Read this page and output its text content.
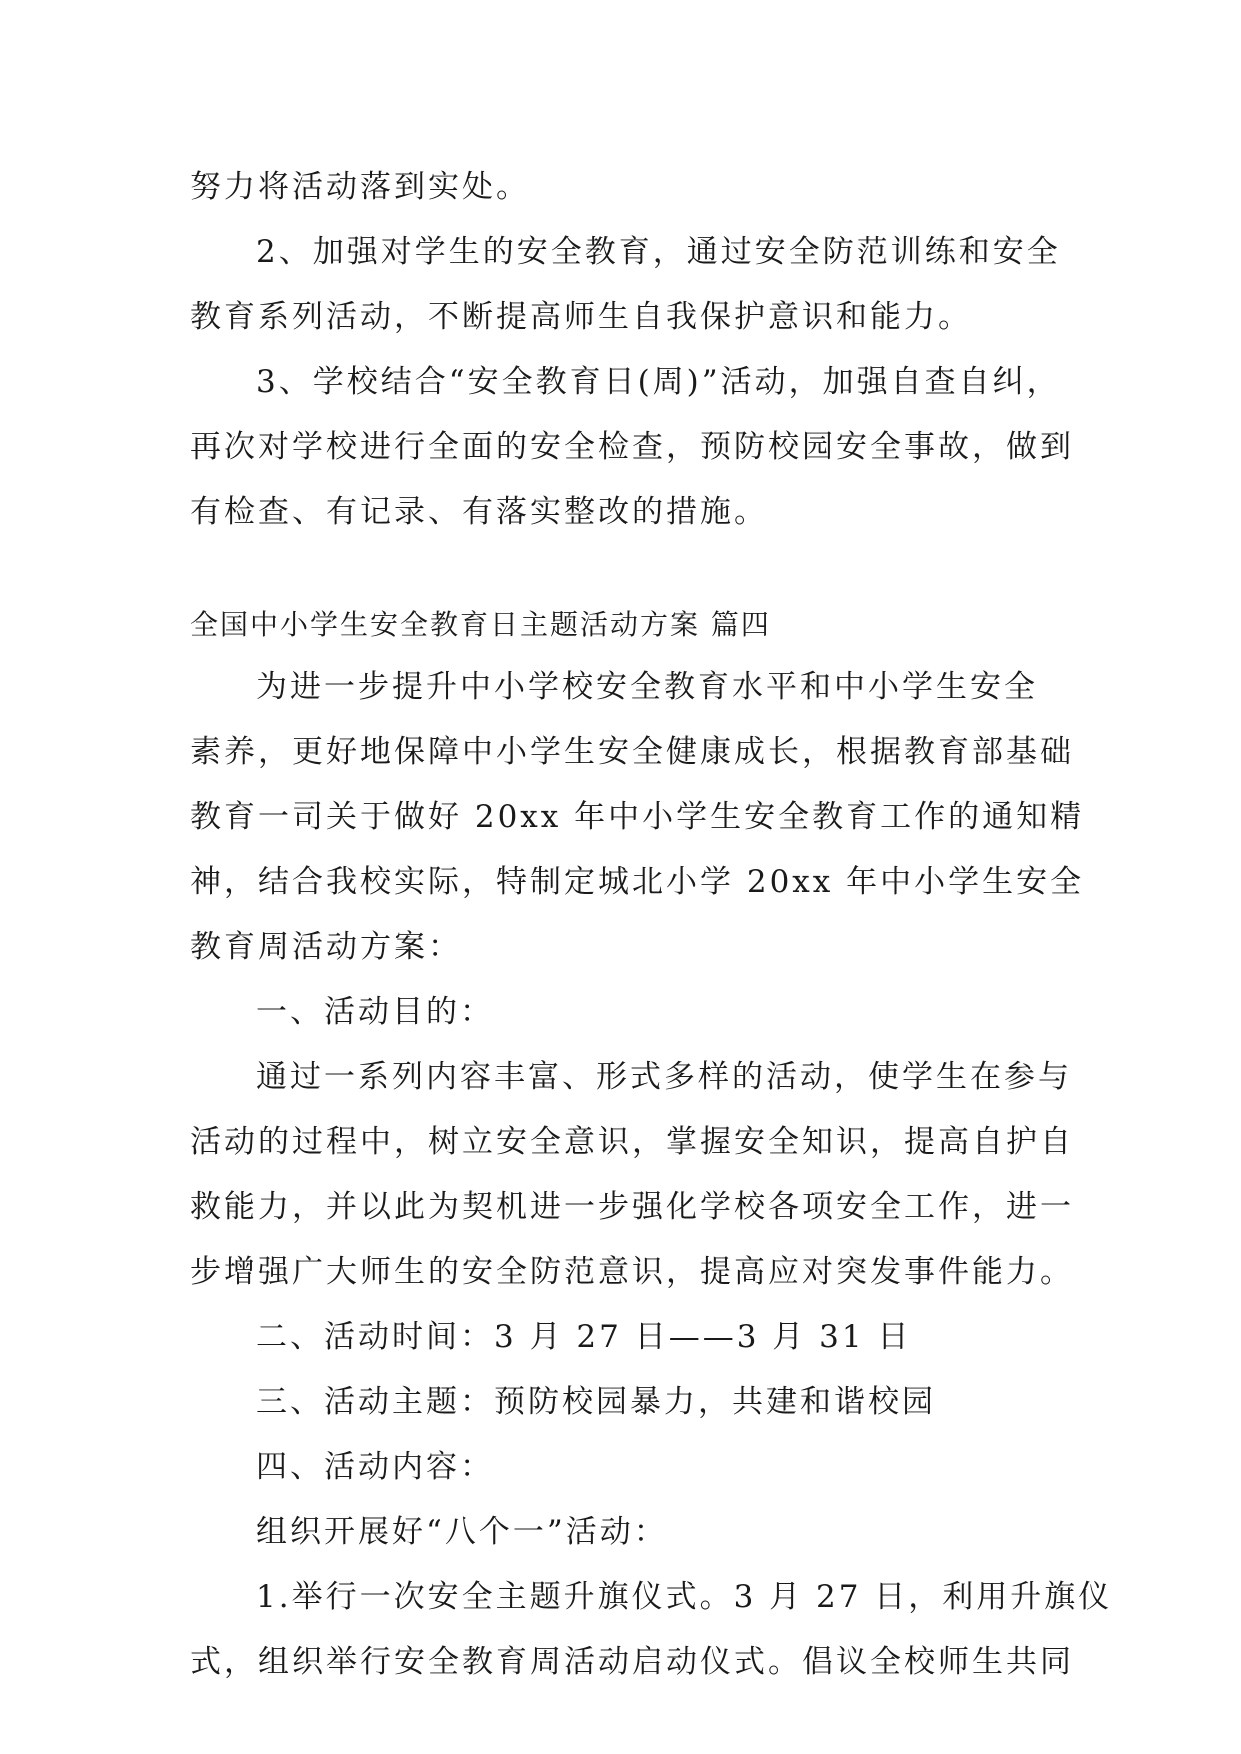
努力将活动落到实处。

2、加强对学生的安全教育，通过安全防范训练和安全

教育系列活动，不断提高师生自我保护意识和能力。

3、学校结合“安全教育日(周)”活动，加强自查自纠，

再次对学校进行全面的安全检查，预防校园安全事故，做到

有检查、有记录、有落实整改的措施。

全国中小学生安全教育日主题活动方案 篇四

为进一步提升中小学校安全教育水平和中小学生安全

素养，更好地保障中小学生安全健康成长，根据教育部基础

教育一司关于做好 20xx 年中小学生安全教育工作的通知精

神，结合我校实际，特制定城北小学 20xx 年中小学生安全

教育周活动方案：

一、活动目的：

通过一系列内容丰富、形式多样的活动，使学生在参与

活动的过程中，树立安全意识，掌握安全知识，提高自护自

救能力，并以此为契机进一步强化学校各项安全工作，进一

步增强广大师生的安全防范意识，提高应对突发事件能力。

二、活动时间：3 月 27 日——3 月 31 日

三、活动主题：预防校园暴力，共建和谐校园

四、活动内容：

组织开展好“八个一”活动：

1.举行一次安全主题升旗仪式。3 月 27 日，利用升旗仪

式，组织举行安全教育周活动启动仪式。倡议全校师生共同
